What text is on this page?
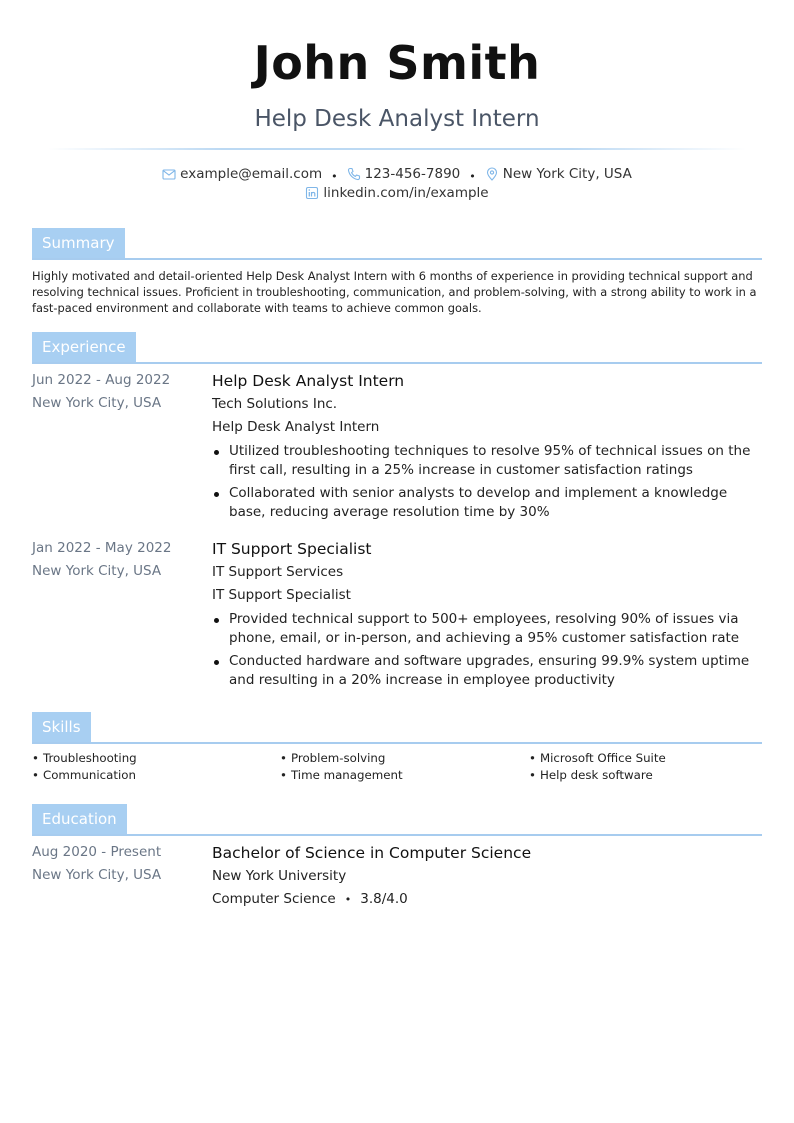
John Smith
Help Desk Analyst Intern
example@email.com • 123-456-7890 • New York City, USA
linkedin.com/in/example
Summary
Highly motivated and detail-oriented Help Desk Analyst Intern with 6 months of experience in providing technical support and resolving technical issues. Proficient in troubleshooting, communication, and problem-solving, with a strong ability to work in a fast-paced environment and collaborate with teams to achieve common goals.
Experience
Jun 2022 - Aug 2022
New York City, USA
Help Desk Analyst Intern
Tech Solutions Inc.
Help Desk Analyst Intern
Utilized troubleshooting techniques to resolve 95% of technical issues on the first call, resulting in a 25% increase in customer satisfaction ratings
Collaborated with senior analysts to develop and implement a knowledge base, reducing average resolution time by 30%
Jan 2022 - May 2022
New York City, USA
IT Support Specialist
IT Support Services
IT Support Specialist
Provided technical support to 500+ employees, resolving 90% of issues via phone, email, or in-person, and achieving a 95% customer satisfaction rate
Conducted hardware and software upgrades, ensuring 99.9% system uptime and resulting in a 20% increase in employee productivity
Skills
• Troubleshooting	• Problem-solving	• Microsoft Office Suite
• Communication	• Time management	• Help desk software
Education
Aug 2020 - Present
New York City, USA
Bachelor of Science in Computer Science
New York University
Computer Science • 3.8/4.0
